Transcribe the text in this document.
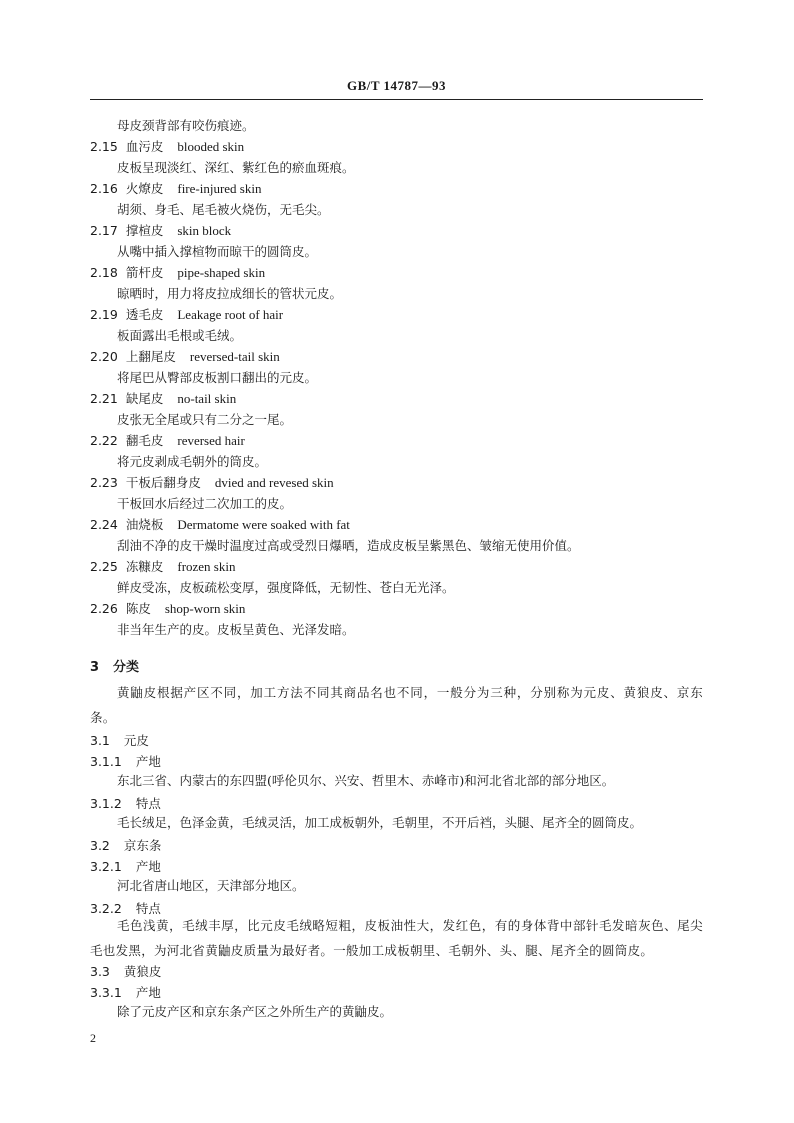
GB/T 14787—93
母皮颈背部有咬伤痕迹。
2.15 血污皮 blooded skin
皮板呈现淡红、深红、紫红色的瘀血斑痕。
2.16 火燎皮 fire-injured skin
胡须、身毛、尾毛被火烧伤，无毛尖。
2.17 撑楦皮 skin block
从嘴中插入撑楦物而晾干的圆筒皮。
2.18 箭杆皮 pipe-shaped skin
晾晒时，用力将皮拉成细长的管状元皮。
2.19 透毛皮 Leakage root of hair
板面露出毛根或毛绒。
2.20 上翻尾皮 reversed-tail skin
将尾巴从臀部皮板割口翻出的元皮。
2.21 缺尾皮 no-tail skin
皮张无全尾或只有二分之一尾。
2.22 翻毛皮 reversed hair
将元皮剥成毛朝外的筒皮。
2.23 干板后翻身皮 dvied and revesed skin
干板回水后经过二次加工的皮。
2.24 油烧板 Dermatome were soaked with fat
刮油不净的皮干燥时温度过高或受烈日爆晒，造成皮板呈紫黑色、皱缩无使用价值。
2.25 冻糠皮 frozen skin
鲜皮受冻，皮板疏松变厚，强度降低，无韧性、苍白无光泽。
2.26 陈皮 shop-worn skin
非当年生产的皮。皮板呈黄色、光泽发暗。
3 分类
黄鼬皮根据产区不同，加工方法不同其商品名也不同，一般分为三种，分别称为元皮、黄狼皮、京东条。
3.1 元皮
3.1.1 产地
东北三省、内蒙古的东四盟(呼伦贝尔、兴安、哲里木、赤峰市)和河北省北部的部分地区。
3.1.2 特点
毛长绒足，色泽金黄，毛绒灵活，加工成板朝外，毛朝里，不开后裆，头腿、尾齐全的圆筒皮。
3.2 京东条
3.2.1 产地
河北省唐山地区，天津部分地区。
3.2.2 特点
毛色浅黄，毛绒丰厚，比元皮毛绒略短粗，皮板油性大，发红色，有的身体背中部针毛发暗灰色、尾尖毛也发黑，为河北省黄鼬皮质量为最好者。一般加工成板朝里、毛朝外、头、腿、尾齐全的圆筒皮。
3.3 黄狼皮
3.3.1 产地
除了元皮产区和京东条产区之外所生产的黄鼬皮。
2
